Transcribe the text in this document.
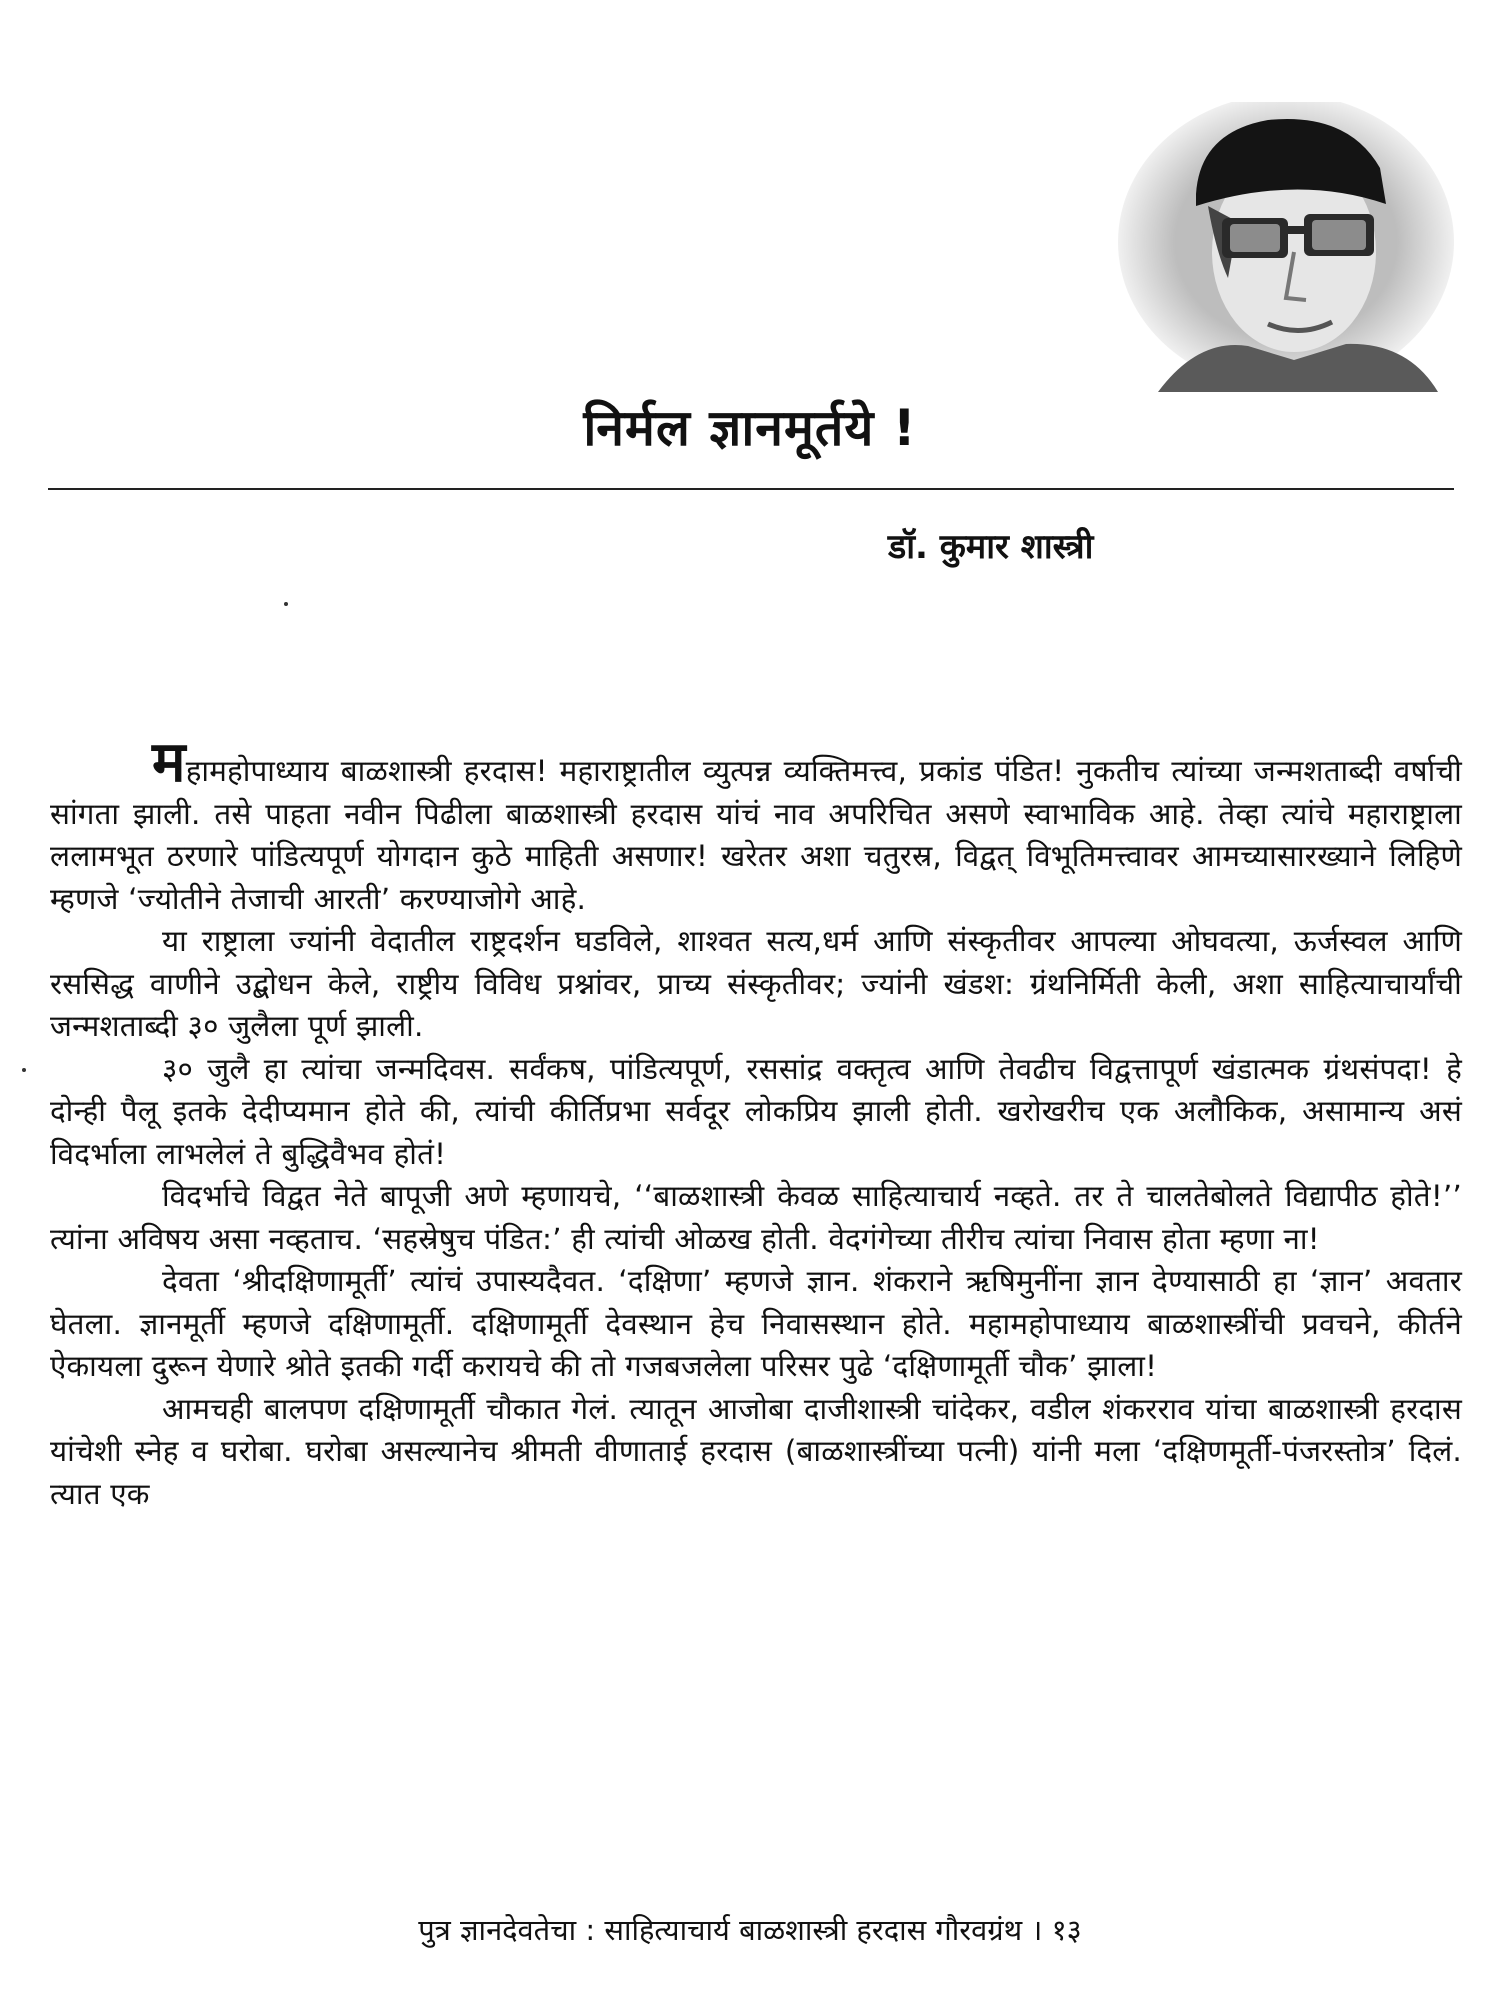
निर्मल ज्ञानमूर्तये !
डॉ. कुमार शास्त्री

महामहोपाध्याय बाळशास्त्री हरदास! महाराष्ट्रातील व्युत्पन्न व्यक्तिमत्त्व, प्रकांड पंडित! नुकतीच त्यांच्या जन्मशताब्दी वर्षाची सांगता झाली. तसे पाहता नवीन पिढीला बाळशास्त्री हरदास यांचं नाव अपरिचित असणे स्वाभाविक आहे. तेव्हा त्यांचे महाराष्ट्राला ललामभूत ठरणारे पांडित्यपूर्ण योगदान कुठे माहिती असणार! खरेतर अशा चतुरस्र, विद्वत् विभूतिमत्त्वावर आमच्यासारख्याने लिहिणे म्हणजे ‘ज्योतीने तेजाची आरती’ करण्याजोगे आहे.

या राष्ट्राला ज्यांनी वेदातील राष्ट्रदर्शन घडविले, शाश्वत सत्य,धर्म आणि संस्कृतीवर आपल्या ओघवत्या, ऊर्जस्वल आणि रससिद्ध वाणीने उद्बोधन केले, राष्ट्रीय विविध प्रश्नांवर, प्राच्य संस्कृतीवर; ज्यांनी खंडश: ग्रंथनिर्मिती केली, अशा साहित्याचार्यांची जन्मशताब्दी ३० जुलैला पूर्ण झाली.

३० जुलै हा त्यांचा जन्मदिवस. सर्वंकष, पांडित्यपूर्ण, रससांद्र वक्तृत्व आणि तेवढीच विद्वत्तापूर्ण खंडात्मक ग्रंथसंपदा! हे दोन्ही पैलू इतके देदीप्यमान होते की, त्यांची कीर्तिप्रभा सर्वदूर लोकप्रिय झाली होती. खरोखरीच एक अलौकिक, असामान्य असं विदर्भाला लाभलेलं ते बुद्धिवैभव होतं!

विदर्भाचे विद्वत नेते बापूजी अणे म्हणायचे, ‘‘बाळशास्त्री केवळ साहित्याचार्य नव्हते. तर ते चालतेबोलते विद्यापीठ होते!’’ त्यांना अविषय असा नव्हताच. ‘सहस्रेषुच पंडित:’ ही त्यांची ओळख होती. वेदगंगेच्या तीरीच त्यांचा निवास होता म्हणा ना!

देवता ‘श्रीदक्षिणामूर्ती’ त्यांचं उपास्यदैवत. ‘दक्षिणा’ म्हणजे ज्ञान. शंकराने ऋषिमुनींना ज्ञान देण्यासाठी हा ‘ज्ञान’ अवतार घेतला. ज्ञानमूर्ती म्हणजे दक्षिणामूर्ती. दक्षिणामूर्ती देवस्थान हेच निवासस्थान होते. महामहोपाध्याय बाळशास्त्रींची प्रवचने, कीर्तने ऐकायला दुरून येणारे श्रोते इतकी गर्दी करायचे की तो गजबजलेला परिसर पुढे ‘दक्षिणामूर्ती चौक’ झाला!

आमचही बालपण दक्षिणामूर्ती चौकात गेलं. त्यातून आजोबा दाजीशास्त्री चांदेकर, वडील शंकरराव यांचा बाळशास्त्री हरदास यांचेशी स्नेह व घरोबा. घरोबा असल्यानेच श्रीमती वीणाताई हरदास (बाळशास्त्रींच्या पत्नी) यांनी मला ‘दक्षिणमूर्ती-पंजरस्तोत्र’ दिलं. त्यात एक

पुत्र ज्ञानदेवतेचा : साहित्याचार्य बाळशास्त्री हरदास गौरवग्रंथ । १३
